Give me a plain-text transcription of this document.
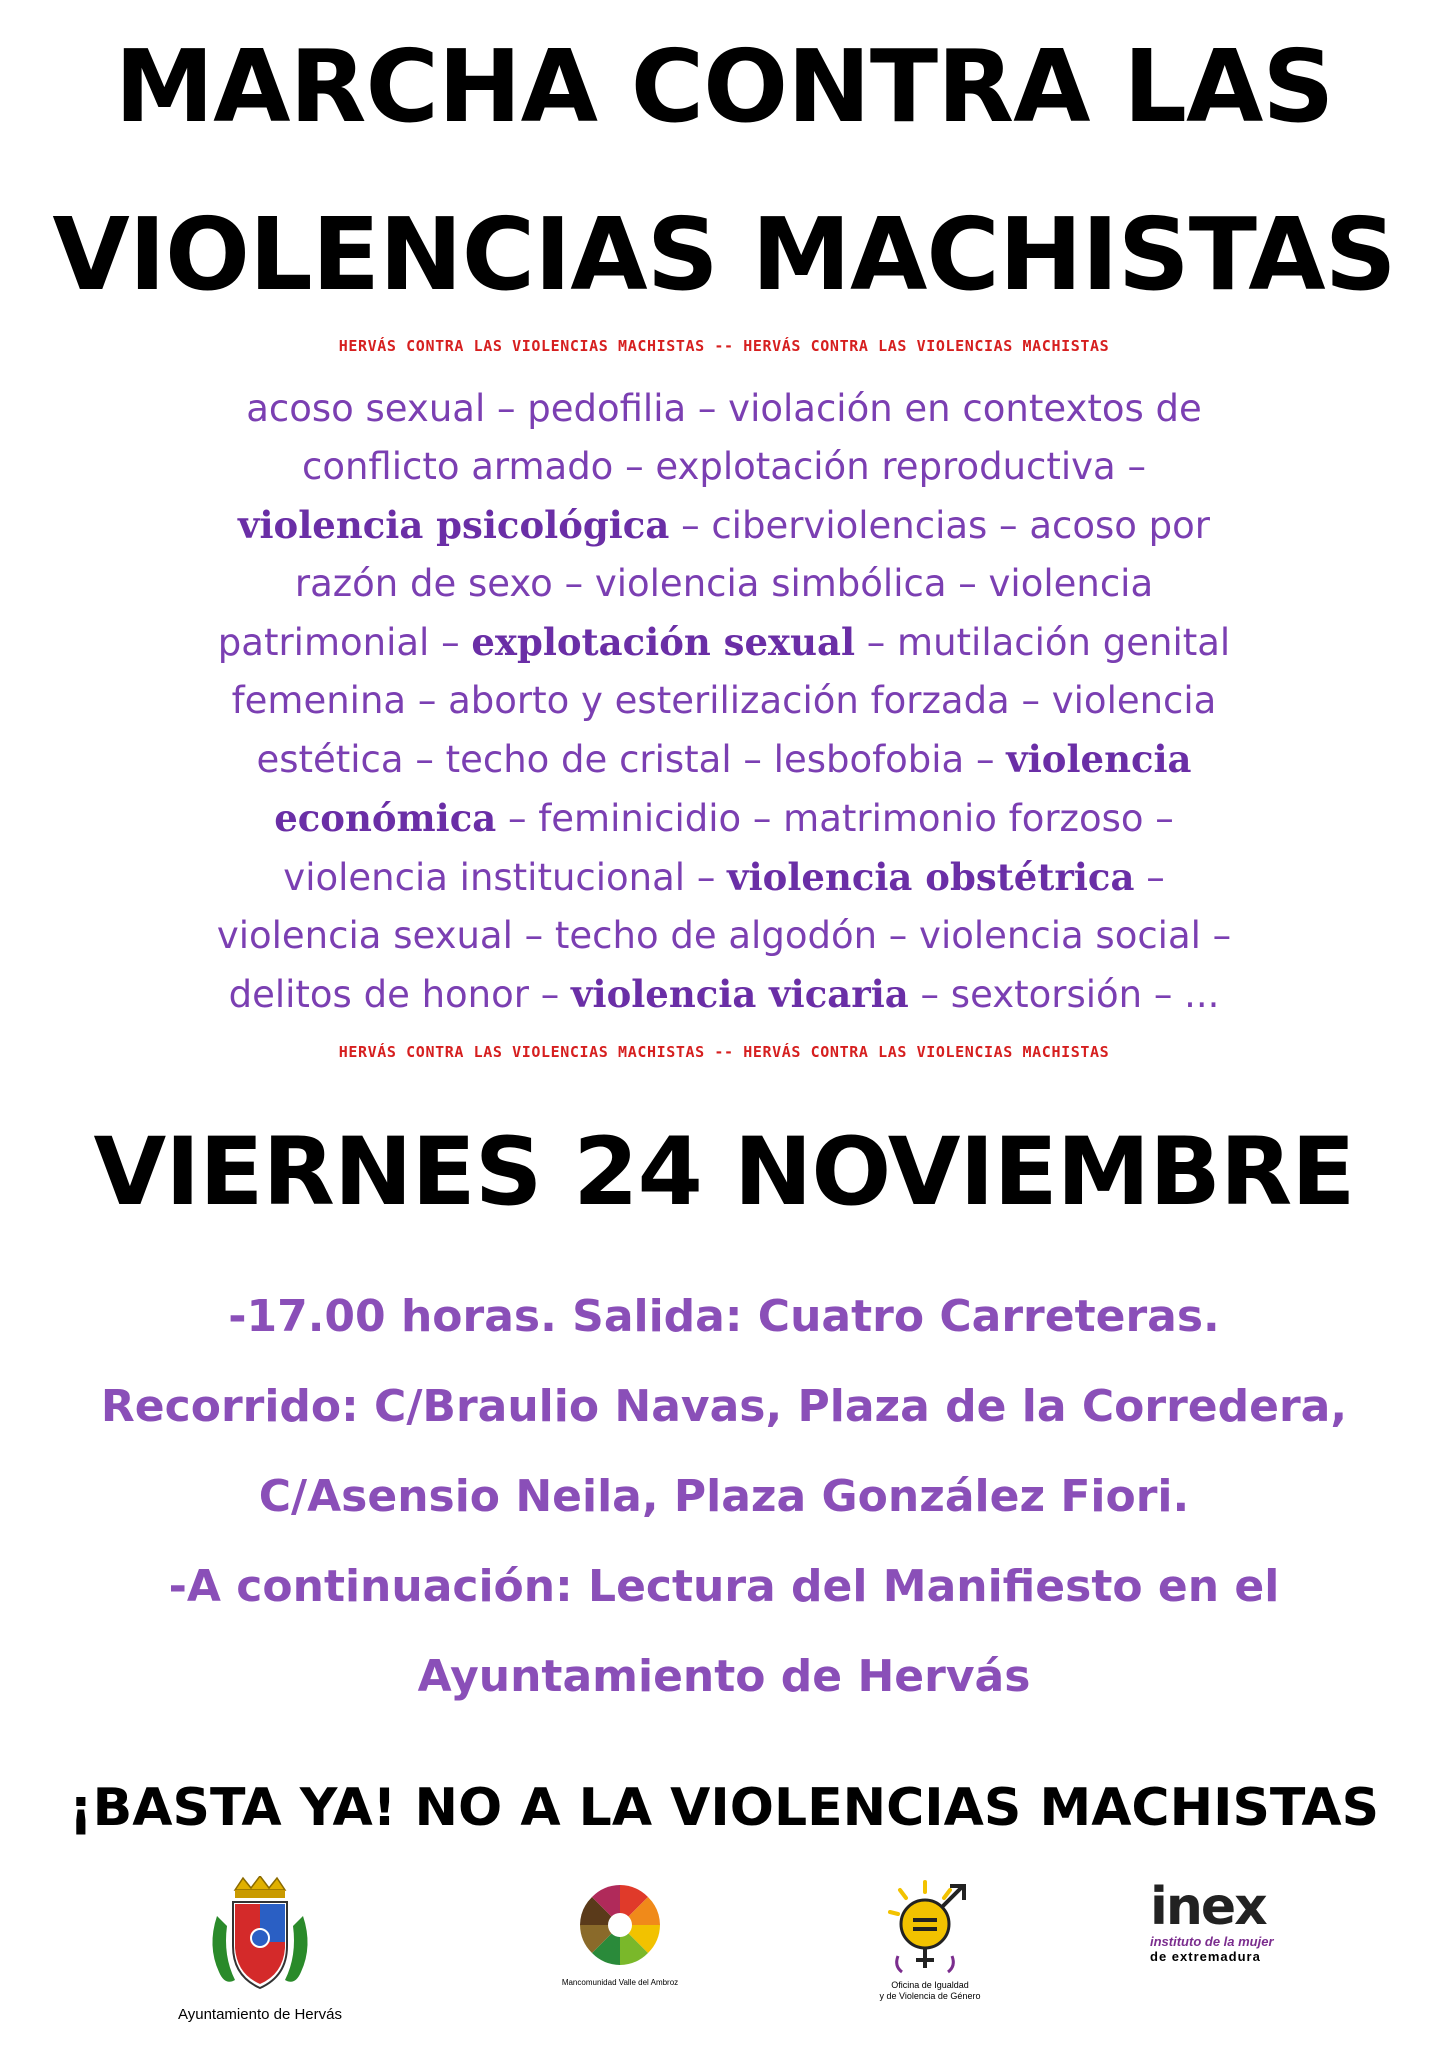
MARCHA CONTRA LAS
VIOLENCIAS MACHISTAS
HERVÁS CONTRA LAS VIOLENCIAS MACHISTAS -- HERVÁS CONTRA LAS VIOLENCIAS MACHISTAS
acoso sexual – pedofilia – violación en contextos de
conflicto armado – explotación reproductiva –
violencia psicológica – ciberviolencias – acoso por
razón de sexo – violencia simbólica – violencia
patrimonial – explotación sexual – mutilación genital
femenina – aborto y esterilización forzada – violencia
estética – techo de cristal – lesbofobia – violencia
económica – feminicidio – matrimonio forzoso –
violencia institucional – violencia obstétrica –
violencia sexual – techo de algodón – violencia social –
delitos de honor – violencia vicaria – sextorsión – ...
HERVÁS CONTRA LAS VIOLENCIAS MACHISTAS -- HERVÁS CONTRA LAS VIOLENCIAS MACHISTAS
VIERNES 24 NOVIEMBRE
-17.00 horas. Salida: Cuatro Carreteras.
Recorrido: C/Braulio Navas, Plaza de la Corredera,
C/Asensio Neila, Plaza González Fiori.
-A continuación: Lectura del Manifiesto en el
Ayuntamiento de Hervás
¡BASTA YA! NO A LA VIOLENCIAS MACHISTAS
Ayuntamiento de Hervás
Mancomunidad Valle del Ambroz	Oficina de Igualdad
y de Violencia de Género
inex
instituto de la mujer
de extremadura
